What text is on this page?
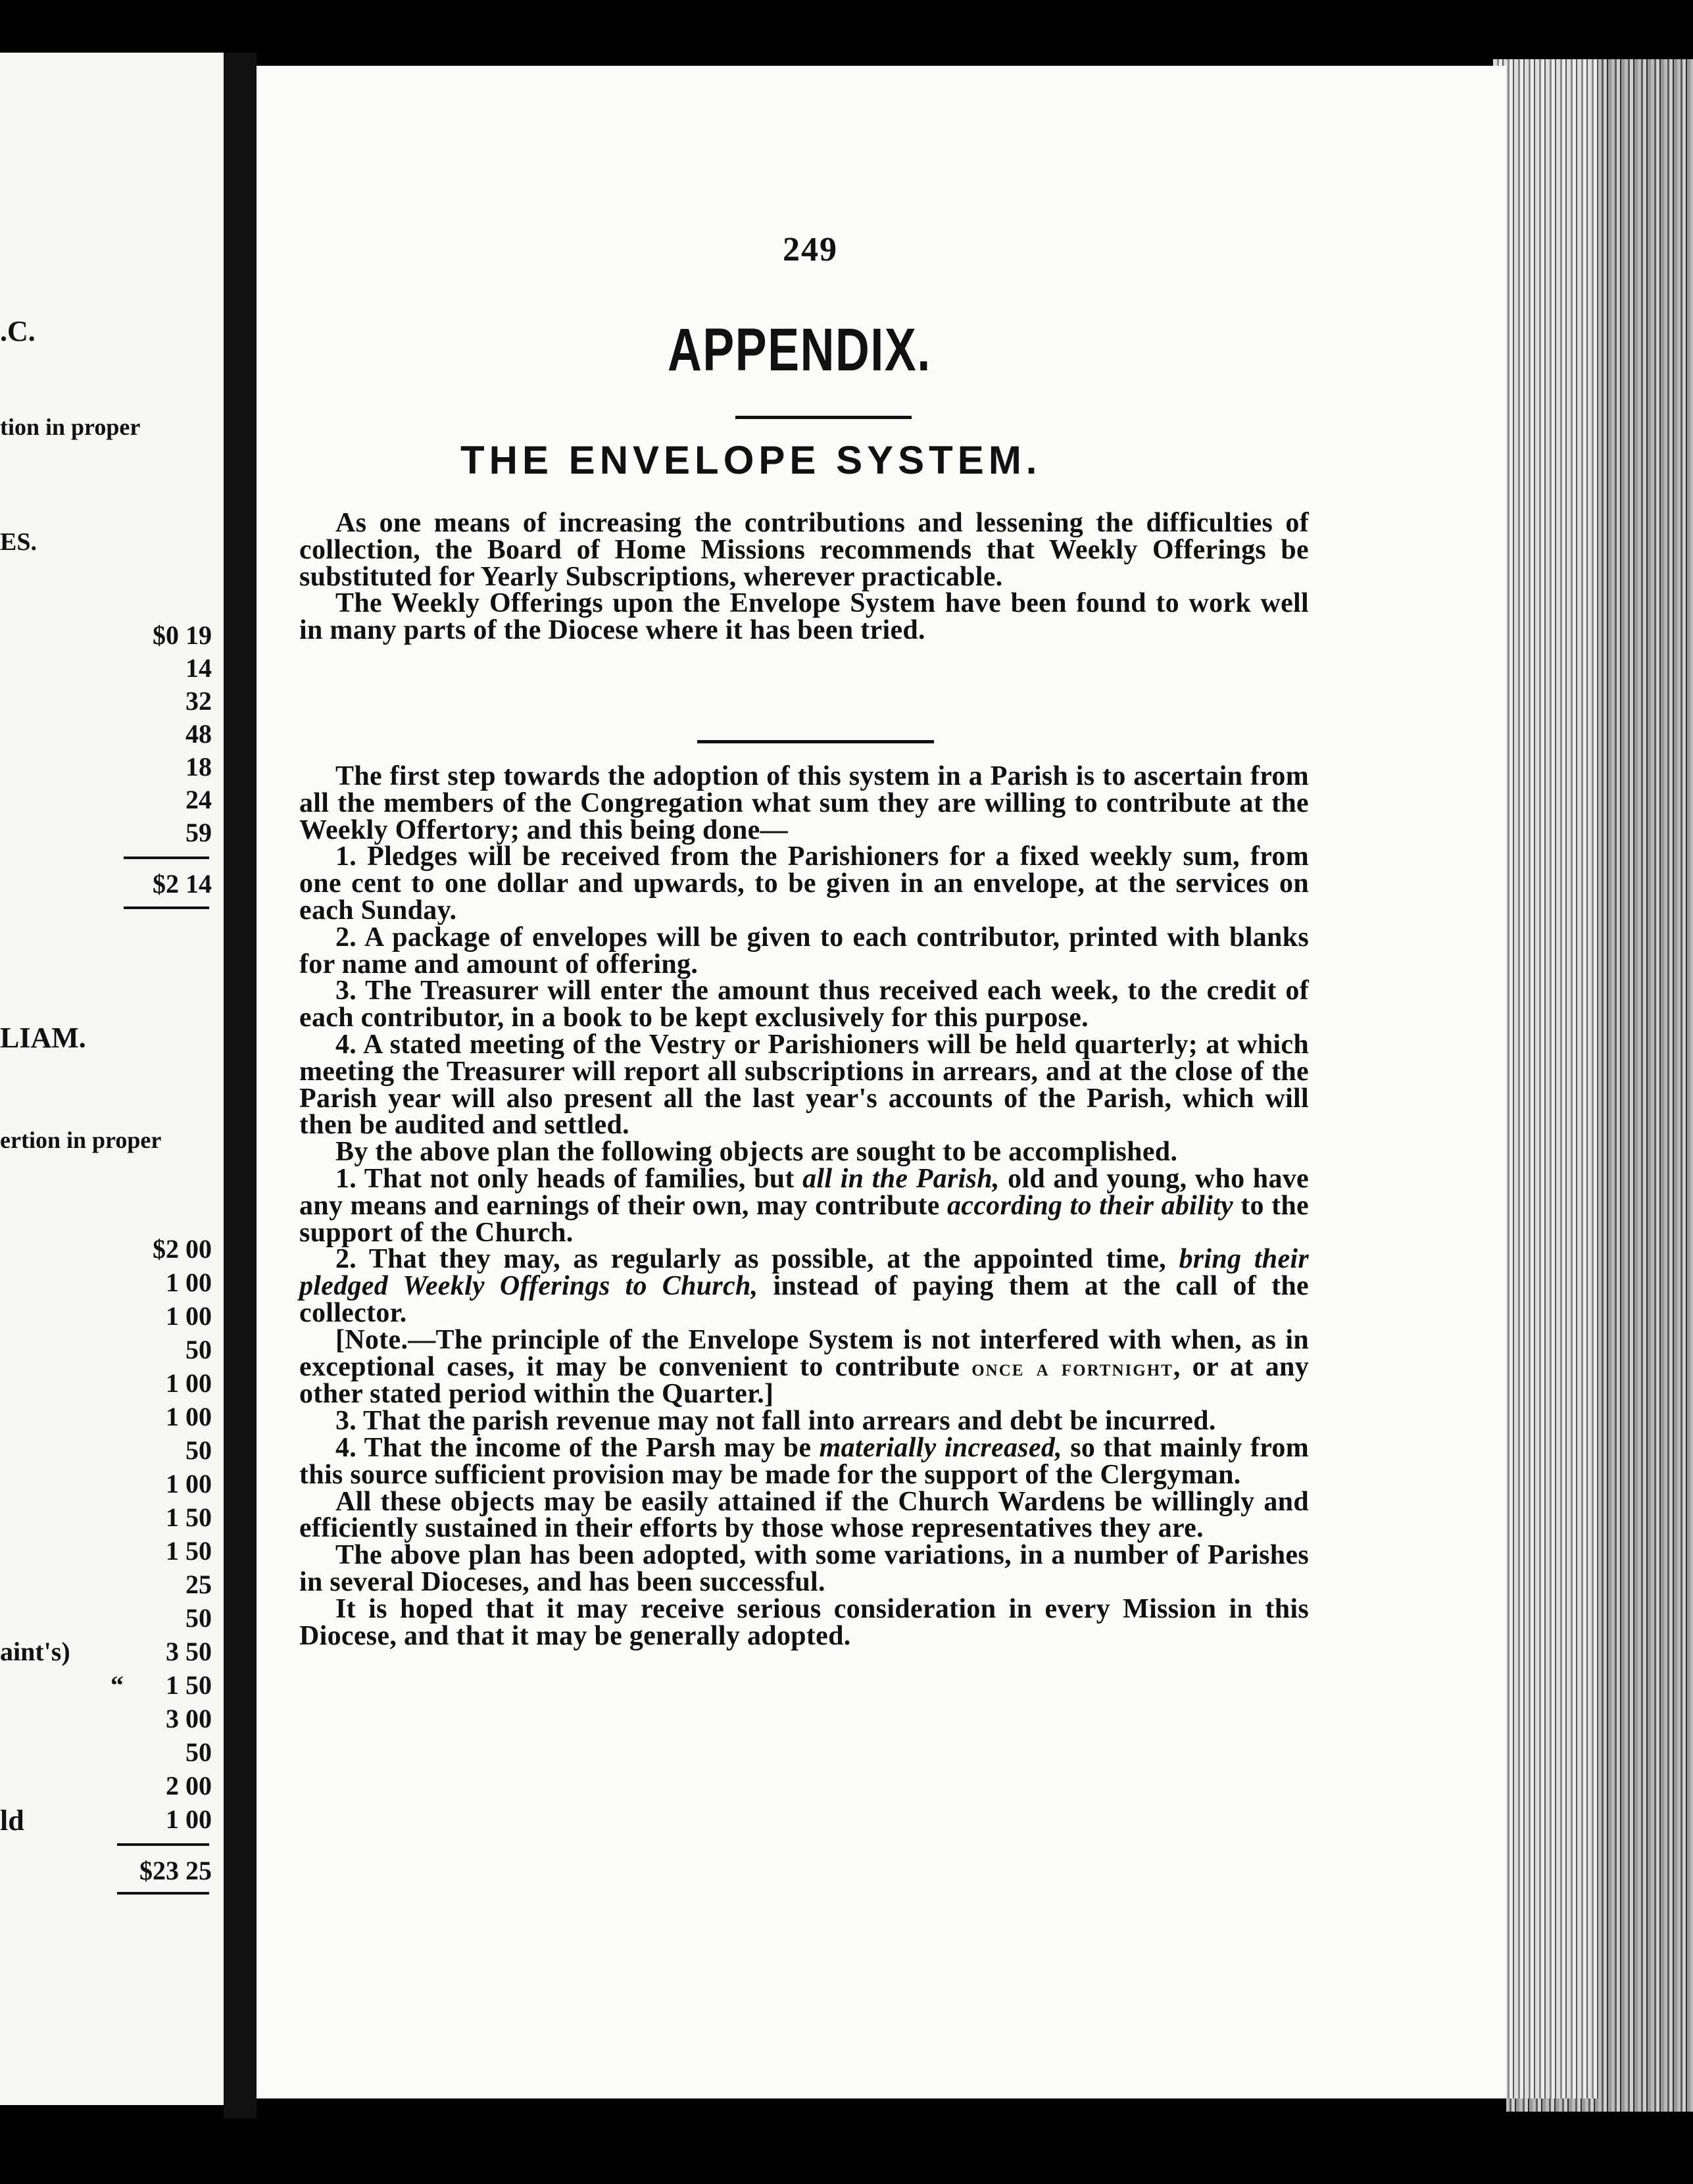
.C.
tion in proper
ES.
$0 19
14
32
48
18
24
59
$2 14
LIAM.
ertion in proper
$2 00
1 00
1 00
50
1 00
1 00
50
1 00
1 50
1 50
25
50
aint's)	3 50
“ 1 50
3 00
50
2 00
ld	1 00
$23 25
249
APPENDIX.
THE ENVELOPE SYSTEM.

As one means of increasing the contributions and lessening the difficulties of collection, the Board of Home Missions recommends that Weekly Offerings be substituted for Yearly Subscriptions, wherever practicable.

The Weekly Offerings upon the Envelope System have been found to work well in many parts of the Diocese where it has been tried.

The first step towards the adoption of this system in a Parish is to ascertain from all the members of the Congregation what sum they are willing to contribute at the Weekly Offertory; and this being done—

1. Pledges will be received from the Parishioners for a fixed weekly sum, from one cent to one dollar and upwards, to be given in an envelope, at the services on each Sunday.

2. A package of envelopes will be given to each contributor, printed with blanks for name and amount of offering.

3. The Treasurer will enter the amount thus received each week, to the credit of each contributor, in a book to be kept exclusively for this purpose.

4. A stated meeting of the Vestry or Parishioners will be held quarterly; at which meeting the Treasurer will report all subscriptions in arrears, and at the close of the Parish year will also present all the last year's accounts of the Parish, which will then be audited and settled.

By the above plan the following objects are sought to be accomplished.

1. That not only heads of families, but all in the Parish, old and young, who have any means and earnings of their own, may contribute according to their ability to the support of the Church.

2. That they may, as regularly as possible, at the appointed time, bring their pledged Weekly Offerings to Church, instead of paying them at the call of the collector.

[Note.—The principle of the Envelope System is not interfered with when, as in exceptional cases, it may be convenient to contribute once a fortnight, or at any other stated period within the Quarter.]

3. That the parish revenue may not fall into arrears and debt be incurred.

4. That the income of the Parsh may be materially increased, so that mainly from this source sufficient provision may be made for the support of the Clergyman.

All these objects may be easily attained if the Church Wardens be willingly and efficiently sustained in their efforts by those whose representatives they are.

The above plan has been adopted, with some variations, in a number of Parishes in several Dioceses, and has been successful.

It is hoped that it may receive serious consideration in every Mission in this Diocese, and that it may be generally adopted.
